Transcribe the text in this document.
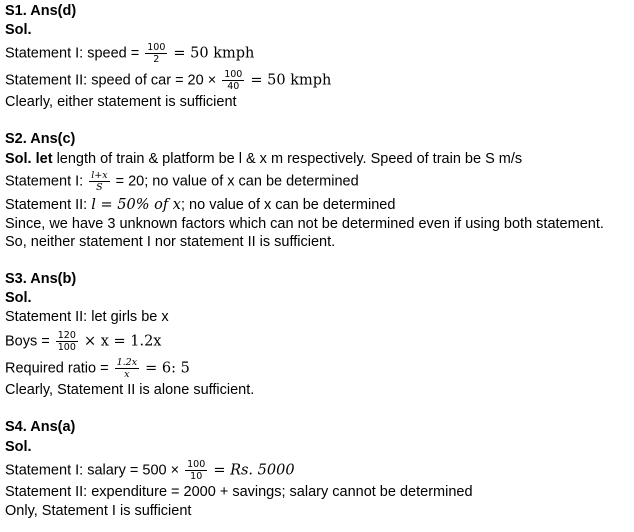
S1. Ans(d)
Sol.
Statement I: speed = $\frac{100}{2} = 50$ kmph
Statement II: speed of car = $20 \times \frac{100}{40} = 50$ kmph
Clearly, either statement is sufficient
S2. Ans(c)
Sol. let length of train & platform be l & x m respectively. Speed of train be S m/s
Statement I: $\frac{l+x}{S} = 20$; no value of x can be determined
Statement II: l = 50% of x; no value of x can be determined
Since, we have 3 unknown factors which can not be determined even if using both statement.
So, neither statement I nor statement II is sufficient.
S3. Ans(b)
Sol.
Statement II: let girls be x
Boys = $\frac{120}{100} \times x = 1.2x$
Required ratio = $\frac{1.2x}{x} = 6$: 5
Clearly, Statement II is alone sufficient.
S4. Ans(a)
Sol.
Statement I: salary = $500 \times \frac{100}{10} = Rs$. 5000
Statement II: expenditure = 2000 + savings; salary cannot be determined
Only, Statement I is sufficient
